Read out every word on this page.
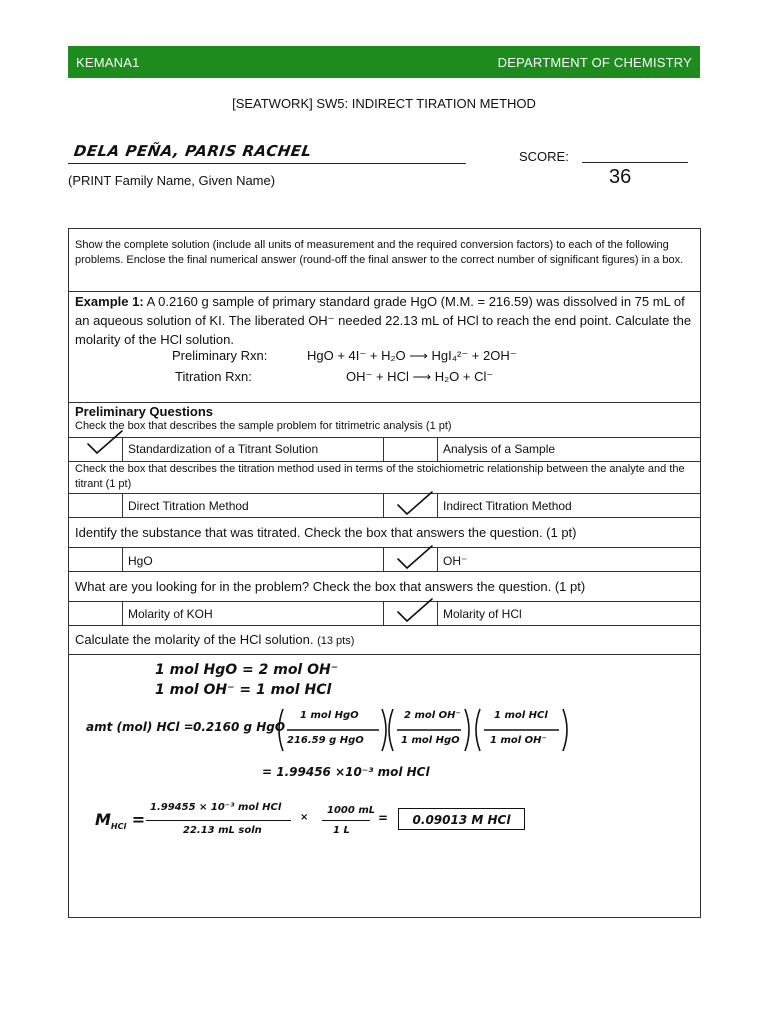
KEMANA1	DEPARTMENT OF CHEMISTRY
[SEATWORK] SW5: INDIRECT TIRATION METHOD
DELA PEÑA, PARIS RACHEL
(PRINT Family Name, Given Name)
SCORE:
36
Show the complete solution (include all units of measurement and the required conversion factors) to each of the following problems. Enclose the final numerical answer (round-off the final answer to the correct number of significant figures) in a box.
Example 1: A 0.2160 g sample of primary standard grade HgO (M.M. = 216.59) was dissolved in 75 mL of an aqueous solution of KI. The liberated OH⁻ needed 22.13 mL of HCl to reach the end point. Calculate the molarity of the HCl solution.
Preliminary Rxn:	HgO + 4I⁻ + H₂O ⟶ HgI₄²⁻ + 2OH⁻
Titration Rxn:	OH⁻ + HCl ⟶ H₂O + Cl⁻
Preliminary Questions
Check the box that describes the sample problem for titrimetric analysis (1 pt)
Standardization of a Titrant Solution	Analysis of a Sample
Check the box that describes the titration method used in terms of the stoichiometric relationship between the analyte and the titrant (1 pt)
Direct Titration Method	Indirect Titration Method
Identify the substance that was titrated. Check the box that answers the question. (1 pt)
HgO	OH⁻
What are you looking for in the problem? Check the box that answers the question. (1 pt)
Molarity of KOH	Molarity of HCl
Calculate the molarity of the HCl solution. (13 pts)
1 mol HgO = 2 mol OH⁻
1 mol OH⁻ = 1 mol HCl
amt (mol) HCl = 0.2160 g HgO
1 mol HgO
216.59 g HgO
2 mol OH⁻
1 mol HgO
1 mol HCl
1 mol OH⁻
= 1.99456 ×10⁻³ mol HCl
$M_{HCl}$ =
1.99455 × 10⁻³ mol HCl
22.13 mL soln
×
1000 mL
1 L
=	0.09013 M HCl
